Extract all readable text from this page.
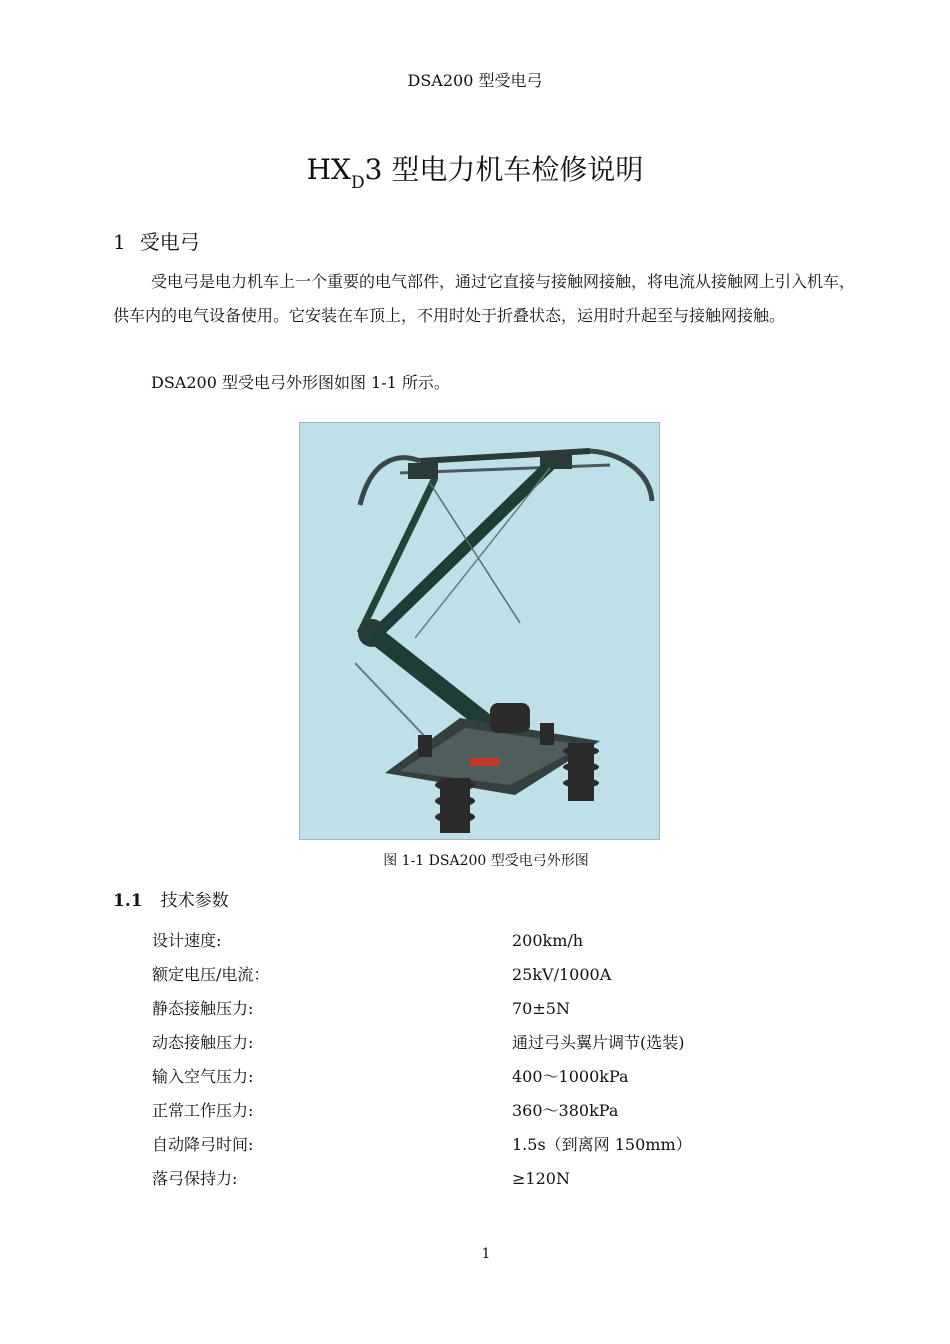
DSA200 型受电弓
$HX_D3$ 型电力机车检修说明
1 受电弓
受电弓是电力机车上一个重要的电气部件，通过它直接与接触网接触，将电流从接触网上引入机车，供车内的电气设备使用。它安装在车顶上，不用时处于折叠状态，运用时升起至与接触网接触。
DSA200 型受电弓外形图如图 1-1 所示。
图 1-1 DSA200 型受电弓外形图
1.1 技术参数
设计速度:	200km/h
额定电压/电流：	25kV/1000A
静态接触压力:	70±5N
动态接触压力:	通过弓头翼片调节(选装)
输入空气压力:	400～1000kPa
正常工作压力:	360～380kPa
自动降弓时间:	1.5s（到离网 150mm）
落弓保持力:	≥120N
1
